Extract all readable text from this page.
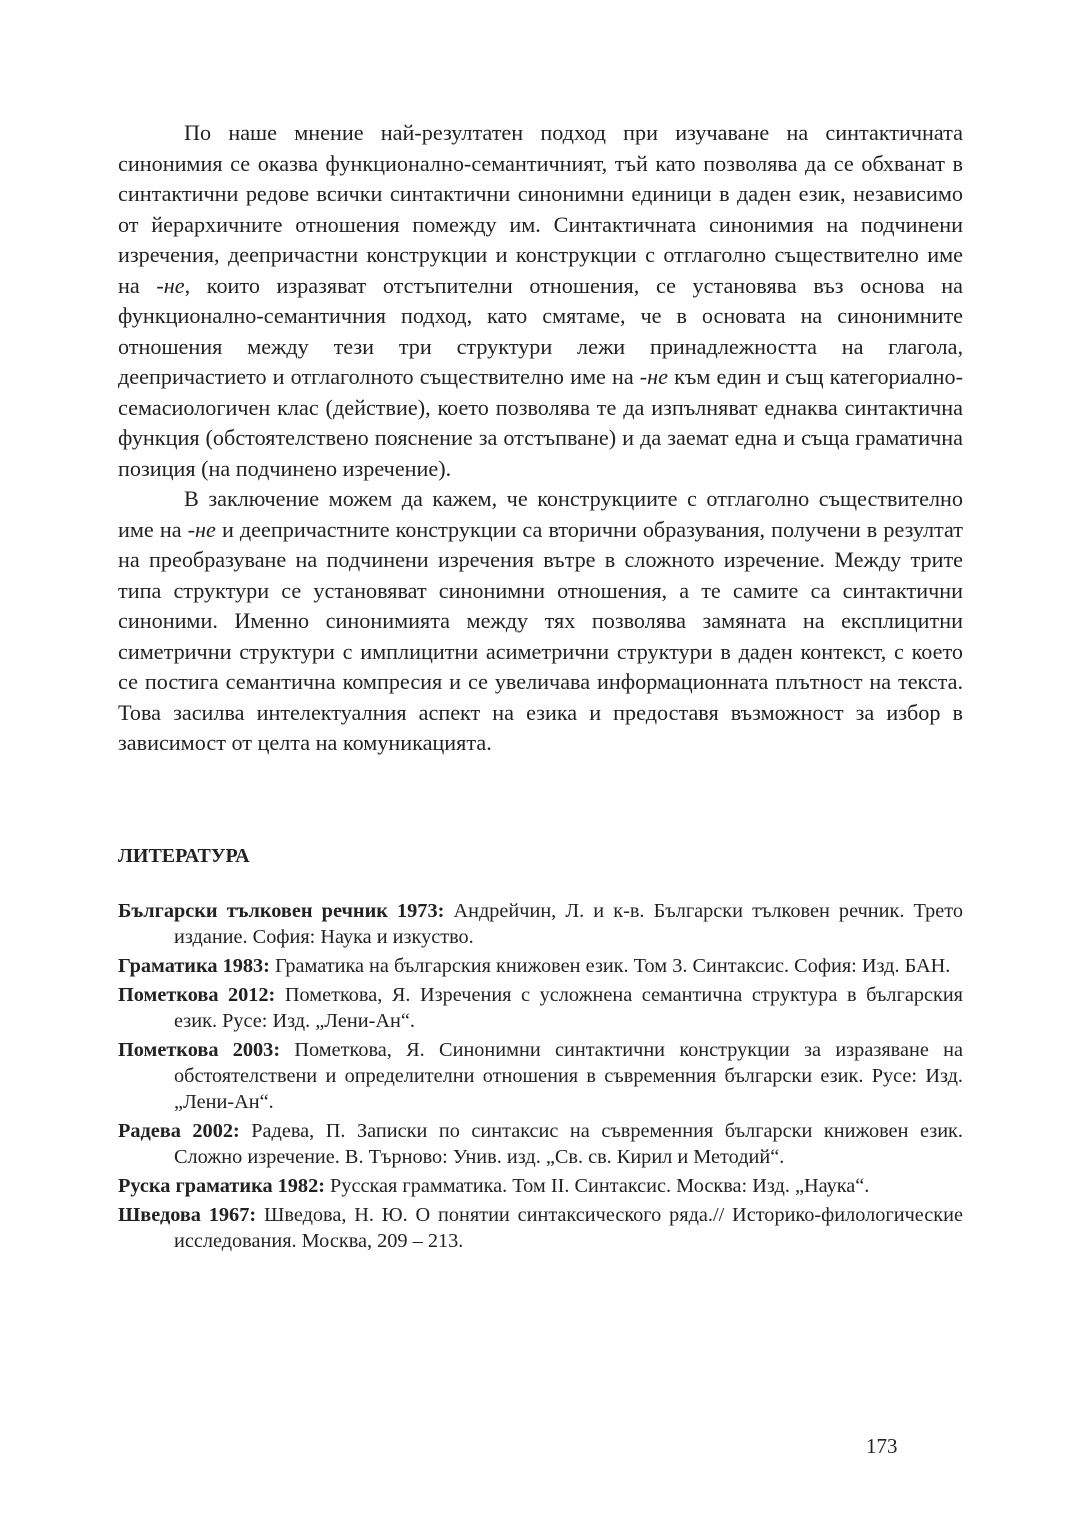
По наше мнение най-резултатен подход при изучаване на синтактичната синонимия се оказва функционално-семантичният, тъй като позволява да се обхванат в синтактични редове всички синтактични синонимни единици в даден език, независимо от йерархичните отношения помежду им. Синтактичната синонимия на подчинени изречения, деепричастни конструкции и конструкции с отглаголно съществително име на -не, които изразяват отстъпителни отношения, се установява въз основа на функционално-семантичния подход, като смятаме, че в основата на синонимните отношения между тези три структури лежи принадлежността на глагола, деепричастието и отглаголното съществително име на -не към един и същ категориално-семасиологичен клас (действие), което позволява те да изпълняват еднаква синтактична функция (обстоятелствено пояснение за отстъпване) и да заемат една и съща граматична позиция (на подчинено изречение).

В заключение можем да кажем, че конструкциите с отглаголно съществително име на -не и деепричастните конструкции са вторични образувания, получени в резултат на преобразуване на подчинени изречения вътре в сложното изречение. Между трите типа структури се установяват синонимни отношения, а те самите са синтактични синоними. Именно синонимията между тях позволява замяната на експлицитни симетрични структури с имплицитни асиметрични структури в даден контекст, с което се постига семантична компресия и се увеличава информационната плътност на текста. Това засилва интелектуалния аспект на езика и предоставя възможност за избор в зависимост от целта на комуникацията.

ЛИТЕРАТУРА

Български тълковен речник 1973: Андрейчин, Л. и к-в. Български тълковен речник. Трето издание. София: Наука и изкуство.

Граматика 1983: Граматика на българския книжовен език. Том 3. Синтаксис. София: Изд. БАН.

Пометкова 2012: Пометкова, Я. Изречения с усложнена семантична структура в българския език. Русе: Изд. „Лени-Ан“.

Пометкова 2003: Пометкова, Я. Синонимни синтактични конструкции за изразяване на обстоятелствени и определителни отношения в съвременния български език. Русе: Изд. „Лени-Ан“.

Радева 2002: Радева, П. Записки по синтаксис на съвременния български книжовен език. Сложно изречение. В. Търново: Унив. изд. „Св. св. Кирил и Методий“.

Руска граматика 1982: Русская грамматика. Том II. Синтаксис. Москва: Изд. „Наука“.

Шведова 1967: Шведова, Н. Ю. О понятии синтаксического ряда.// Историко-филологические исследования. Москва, 209 – 213.

173
